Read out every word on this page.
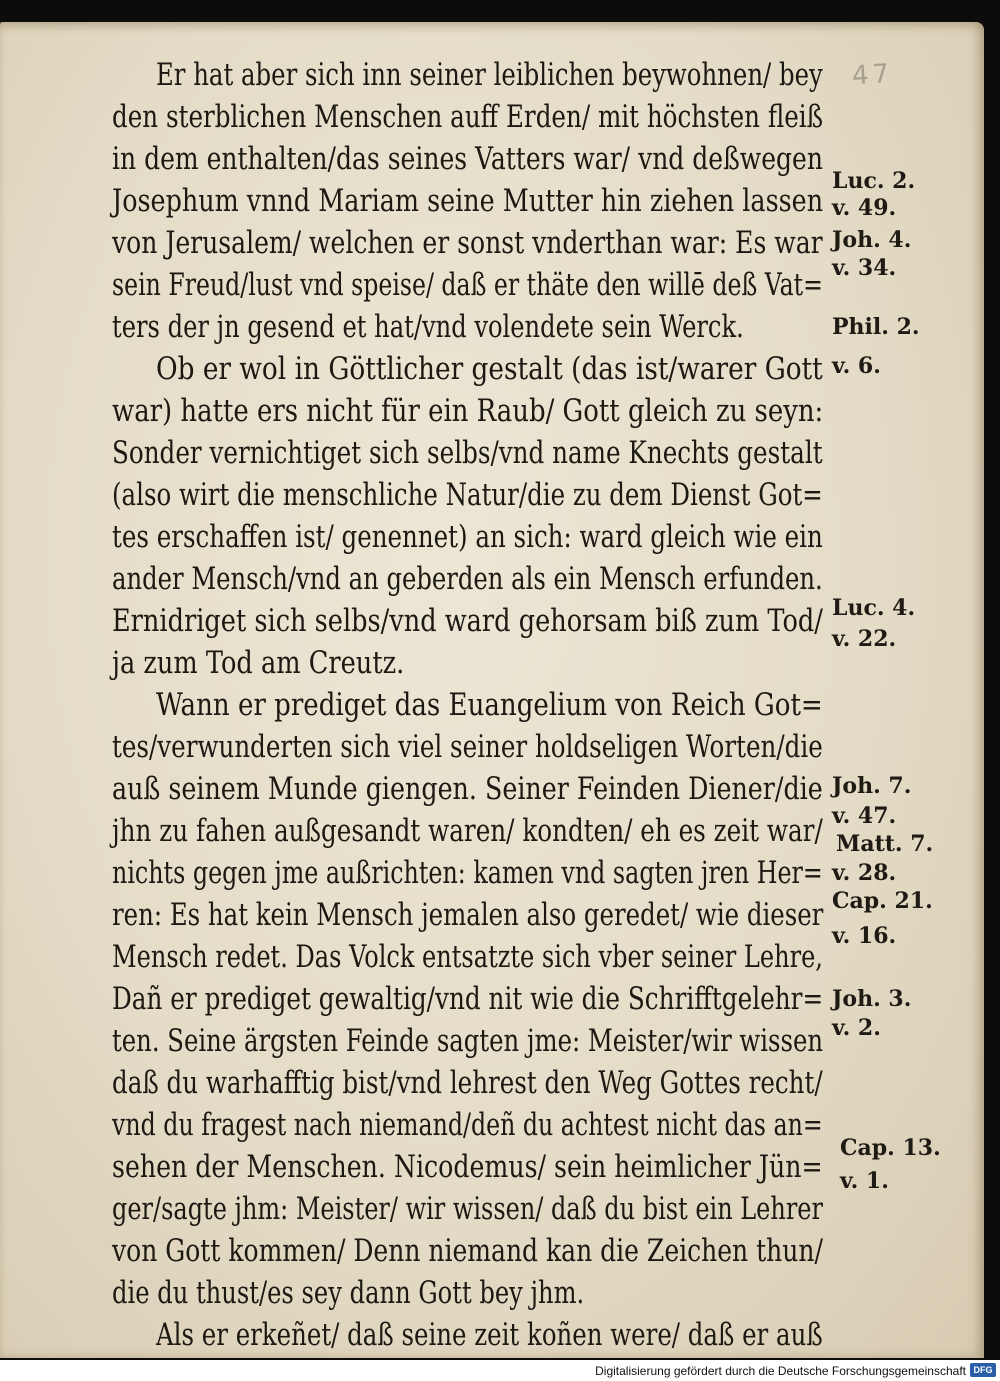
47
Er hat aber sich inn seiner leiblichen beywohnen/ bey
den sterblichen Menschen auff Erden/ mit höchsten fleiß
in dem enthalten/das seines Vatters war/ vnd deßwegen
Josephum vnnd Mariam seine Mutter hin ziehen lassen
von Jerusalem/ welchen er sonst vnderthan war: Es war
sein Freud/lust vnd speise/ daß er thäte den willē deß Vat=
ters der jn gesend et hat/vnd volendete sein Werck.
Ob er wol in Göttlicher gestalt (das ist/warer Gott
war) hatte ers nicht für ein Raub/ Gott gleich zu seyn:
Sonder vernichtiget sich selbs/vnd name Knechts gestalt
(also wirt die menschliche Natur/die zu dem Dienst Got=
tes erschaffen ist/ genennet) an sich: ward gleich wie ein
ander Mensch/vnd an geberden als ein Mensch erfunden.
Ernidriget sich selbs/vnd ward gehorsam biß zum Tod/
ja zum Tod am Creutz.
Wann er prediget das Euangelium von Reich Got=
tes/verwunderten sich viel seiner holdseligen Worten/die
auß seinem Munde giengen. Seiner Feinden Diener/die
jhn zu fahen außgesandt waren/ kondten/ eh es zeit war/
nichts gegen jme außrichten: kamen vnd sagten jren Her=
ren: Es hat kein Mensch jemalen also geredet/ wie dieser
Mensch redet. Das Volck entsatzte sich vber seiner Lehre,
Dañ er prediget gewaltig/vnd nit wie die Schrifftgelehr=
ten. Seine ärgsten Feinde sagten jme: Meister/wir wissen
daß du warhafftig bist/vnd lehrest den Weg Gottes recht/
vnd du fragest nach niemand/deñ du achtest nicht das an=
sehen der Menschen. Nicodemus/ sein heimlicher Jün=
ger/sagte jhm: Meister/ wir wissen/ daß du bist ein Lehrer
von Gott kommen/ Denn niemand kan die Zeichen thun/
die du thust/es sey dann Gott bey jhm.
Als er erkeñet/ daß seine zeit koñen were/ daß er auß
Luc. 2.
v. 49.
Joh. 4.
v. 34.
Phil. 2.
v. 6.
Luc. 4.
v. 22.
Joh. 7.
v. 47.
Matt. 7.
v. 28.
Cap. 21.
v. 16.
Joh. 3.
v. 2.
Cap. 13.
v. 1.
Digitalisierung gefördert durch die Deutsche Forschungsgemeinschaft DFG
